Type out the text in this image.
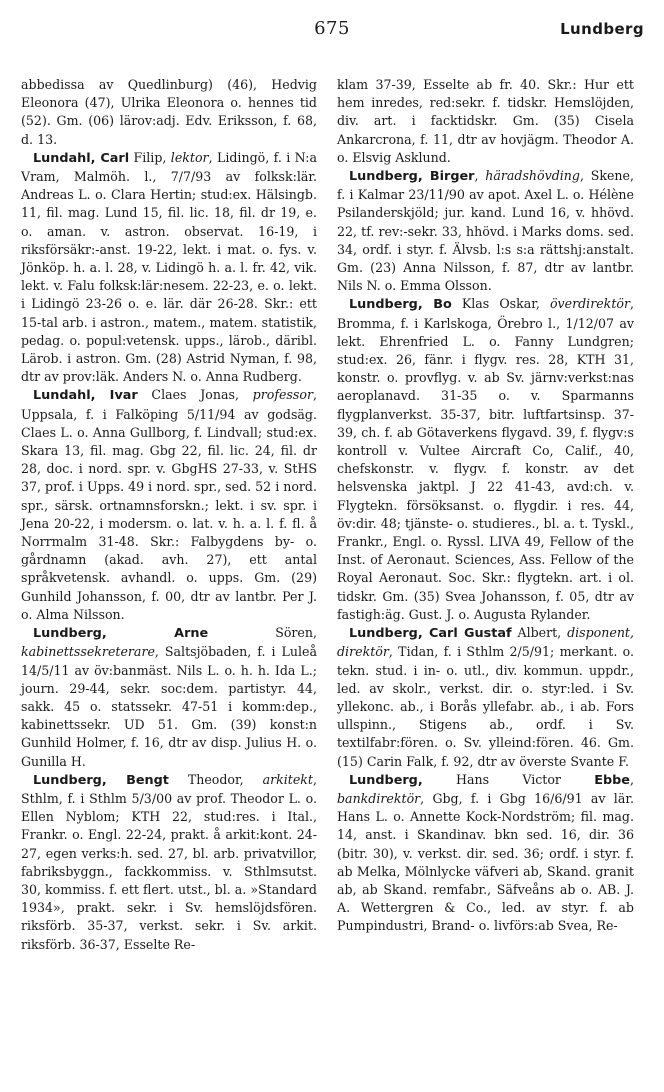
675	Lundberg

abbedissa av Quedlinburg) (46), Hedvig Eleonora (47), Ulrika Eleonora o. hennes tid (52). Gm. (06) lärov:adj. Edv. Eriksson, f. 68, d. 13.

Lundahl, Carl Filip, lektor, Lidingö, f. i N:a Vram, Malmöh. l., 7/7/93 av folksk:lär. Andreas L. o. Clara Hertin; stud:ex. Hälsingb. 11, fil. mag. Lund 15, fil. lic. 18, fil. dr 19, e. o. aman. v. astron. observat. 16-19, i riksförsäkr:-anst. 19-22, lekt. i mat. o. fys. v. Jönköp. h. a. l. 28, v. Lidingö h. a. l. fr. 42, vik. lekt. v. Falu folksk:lär:nesem. 22-23, e. o. lekt. i Lidingö 23-26 o. e. lär. där 26-28. Skr.: ett 15-tal arb. i astron., matem., matem. statistik, pedag. o. popul:vetensk. upps., lärob., däribl. Lärob. i astron. Gm. (28) Astrid Nyman, f. 98, dtr av prov:läk. Anders N. o. Anna Rudberg.

Lundahl, Ivar Claes Jonas, professor, Uppsala, f. i Falköping 5/11/94 av godsäg. Claes L. o. Anna Gullborg, f. Lindvall; stud:ex. Skara 13, fil. mag. Gbg 22, fil. lic. 24, fil. dr 28, doc. i nord. spr. v. GbgHS 27-33, v. StHS 37, prof. i Upps. 49 i nord. spr., sed. 52 i nord. spr., särsk. ortnamnsforskn.; lekt. i sv. spr. i Jena 20-22, i modersm. o. lat. v. h. a. l. f. fl. å Norrmalm 31-48. Skr.: Falbygdens by- o. gårdnamn (akad. avh. 27), ett antal språkvetensk. avhandl. o. upps. Gm. (29) Gunhild Johansson, f. 00, dtr av lantbr. Per J. o. Alma Nilsson.

Lundberg, Arne Sören, kabinettssekreterare, Saltsjöbaden, f. i Luleå 14/5/11 av öv:banmäst. Nils L. o. h. h. Ida L.; journ. 29-44, sekr. soc:dem. partistyr. 44, sakk. 45 o. statssekr. 47-51 i komm:dep., kabinettssekr. UD 51. Gm. (39) konst:n Gunhild Holmer, f. 16, dtr av disp. Julius H. o. Gunilla H.

Lundberg, Bengt Theodor, arkitekt, Sthlm, f. i Sthlm 5/3/00 av prof. Theodor L. o. Ellen Nyblom; KTH 22, stud:res. i Ital., Frankr. o. Engl. 22-24, prakt. å arkit:kont. 24-27, egen verks:h. sed. 27, bl. arb. privatvillor, fabriksbyggn., fackkommiss. v. Sthlmsutst. 30, kommiss. f. ett flert. utst., bl. a. »Standard 1934», prakt. sekr. i Sv. hemslöjdsfören. riksförb. 35-37, verkst. sekr. i Sv. arkit. riksförb. 36-37, Esselte Re-

klam 37-39, Esselte ab fr. 40. Skr.: Hur ett hem inredes, red:sekr. f. tidskr. Hemslöjden, div. art. i facktidskr. Gm. (35) Cisela Ankarcrona, f. 11, dtr av hovjägm. Theodor A. o. Elsvig Asklund.

Lundberg, Birger, häradshövding, Skene, f. i Kalmar 23/11/90 av apot. Axel L. o. Hélène Psilanderskjöld; jur. kand. Lund 16, v. hhövd. 22, tf. rev:-sekr. 33, hhövd. i Marks doms. sed. 34, ordf. i styr. f. Älvsb. l:s s:a rättshj:anstalt. Gm. (23) Anna Nilsson, f. 87, dtr av lantbr. Nils N. o. Emma Olsson.

Lundberg, Bo Klas Oskar, överdirektör, Bromma, f. i Karlskoga, Örebro l., 1/12/07 av lekt. Ehrenfried L. o. Fanny Lundgren; stud:ex. 26, fänr. i flygv. res. 28, KTH 31, konstr. o. provflyg. v. ab Sv. järnv:verkst:nas aeroplanavd. 31-35 o. v. Sparmanns flygplanverkst. 35-37, bitr. luftfartsinsp. 37-39, ch. f. ab Götaverkens flygavd. 39, f. flygv:s kontroll v. Vultee Aircraft Co, Calif., 40, chefskonstr. v. flygv. f. konstr. av det helsvenska jaktpl. J 22 41-43, avd:ch. v. Flygtekn. försöksanst. o. flygdir. i res. 44, öv:dir. 48; tjänste- o. studieres., bl. a. t. Tyskl., Frankr., Engl. o. Ryssl. LIVA 49, Fellow of the Inst. of Aeronaut. Sciences, Ass. Fellow of the Royal Aeronaut. Soc. Skr.: flygtekn. art. i ol. tidskr. Gm. (35) Svea Johansson, f. 05, dtr av fastigh:äg. Gust. J. o. Augusta Rylander.

Lundberg, Carl Gustaf Albert, disponent, direktör, Tidan, f. i Sthlm 2/5/91; merkant. o. tekn. stud. i in- o. utl., div. kommun. uppdr., led. av skolr., verkst. dir. o. styr:led. i Sv. yllekonc. ab., i Borås yllefabr. ab., i ab. Fors ullspinn., Stigens ab., ordf. i Sv. textilfabr:fören. o. Sv. ylleind:fören. 46. Gm. (15) Carin Falk, f. 92, dtr av överste Svante F.

Lundberg, Hans Victor Ebbe, bankdirektör, Gbg, f. i Gbg 16/6/91 av lär. Hans L. o. Annette Kock-Nordström; fil. mag. 14, anst. i Skandinav. bkn sed. 16, dir. 36 (bitr. 30), v. verkst. dir. sed. 36; ordf. i styr. f. ab Melka, Mölnlycke väfveri ab, Skand. granit ab, ab Skand. remfabr., Säfveåns ab o. AB. J. A. Wettergren & Co., led. av styr. f. ab Pumpindustri, Brand- o. livförs:ab Svea, Re-
